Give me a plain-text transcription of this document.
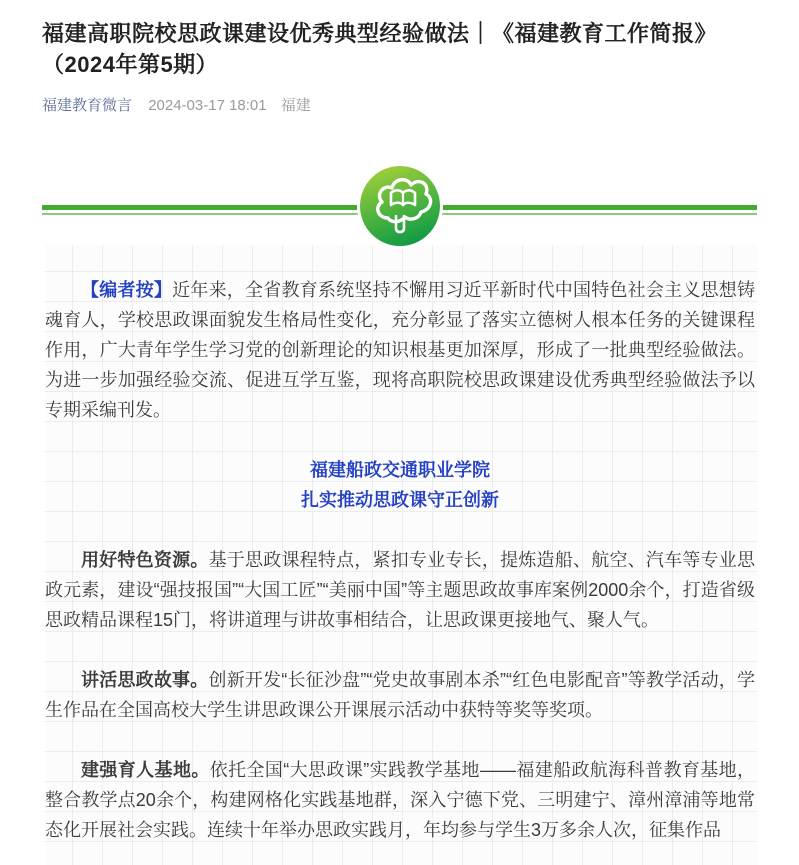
福建高职院校思政课建设优秀典型经验做法｜《福建教育工作简报》（2024年第5期）
福建教育微言 2024-03-17 18:01 福建

【编者按】近年来，全省教育系统坚持不懈用习近平新时代中国特色社会主义思想铸魂育人，学校思政课面貌发生格局性变化，充分彰显了落实立德树人根本任务的关键课程作用，广大青年学生学习党的创新理论的知识根基更加深厚，形成了一批典型经验做法。为进一步加强经验交流、促进互学互鉴，现将高职院校思政课建设优秀典型经验做法予以专期采编刊发。

福建船政交通职业学院
扎实推动思政课守正创新

用好特色资源。基于思政课程特点，紧扣专业专长，提炼造船、航空、汽车等专业思政元素，建设“强技报国”“大国工匠”“美丽中国”等主题思政故事库案例2000余个，打造省级思政精品课程15门，将讲道理与讲故事相结合，让思政课更接地气、聚人气。

讲活思政故事。创新开发“长征沙盘”“党史故事剧本杀”“红色电影配音”等教学活动，学生作品在全国高校大学生讲思政课公开课展示活动中获特等奖等奖项。

建强育人基地。依托全国“大思政课”实践教学基地——福建船政航海科普教育基地，整合教学点20余个，构建网格化实践基地群，深入宁德下党、三明建宁、漳州漳浦等地常态化开展社会实践。连续十年举办思政实践月，年均参与学生3万多余人次，征集作品
